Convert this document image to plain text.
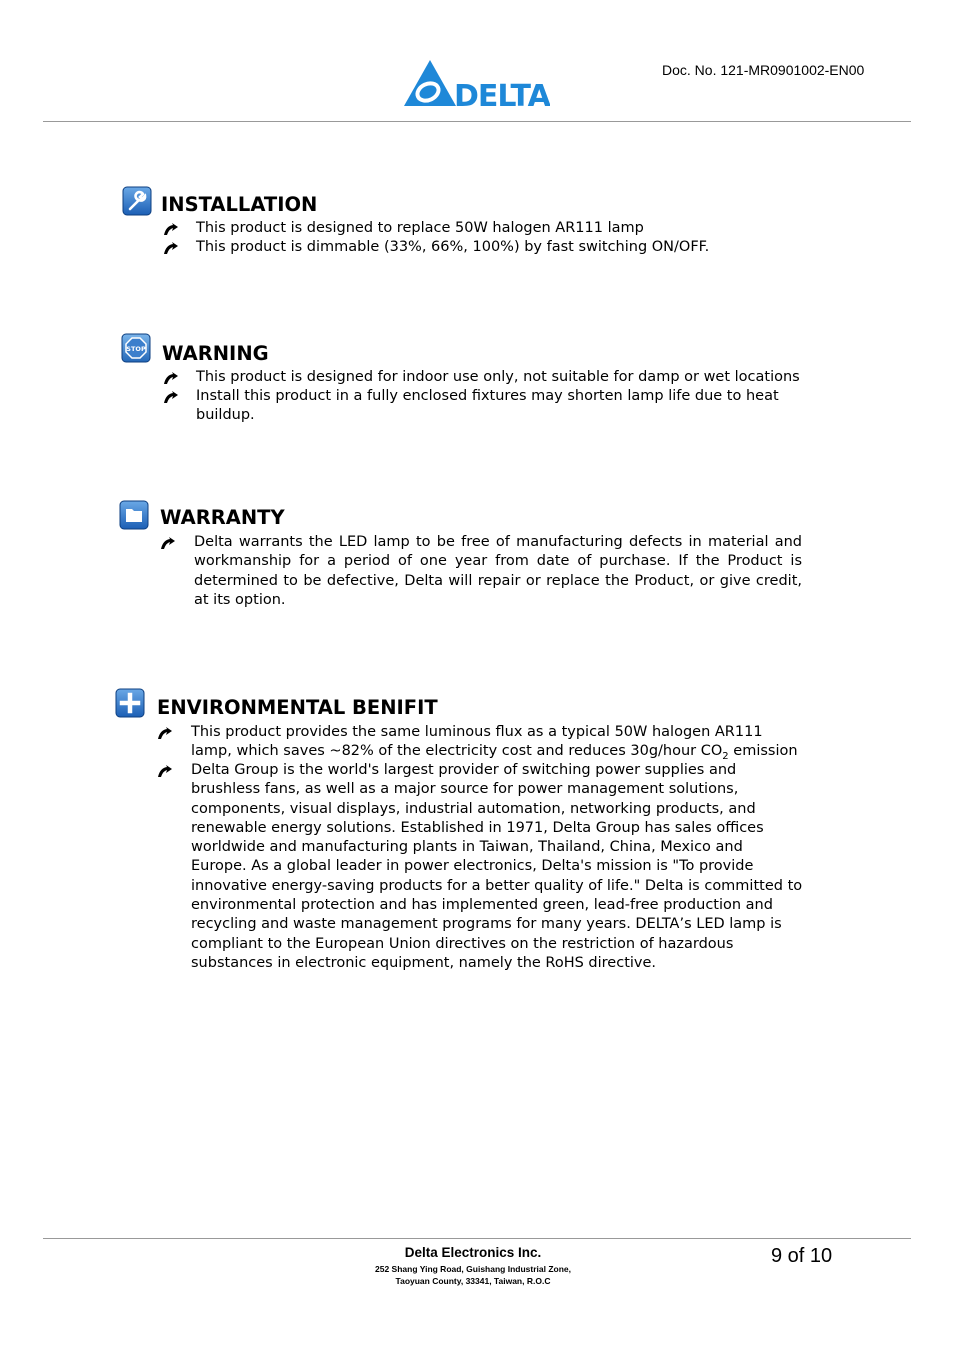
Doc. No. 121-MR0901002-EN00
DELTA
INSTALLATION
This product is designed to replace 50W halogen AR111 lamp
This product is dimmable (33%, 66%, 100%) by fast switching ON/OFF.
STOP WARNING
This product is designed for indoor use only, not suitable for damp or wet locations
Install this product in a fully enclosed fixtures may shorten lamp life due to heat buildup.
WARRANTY
Delta warrants the LED lamp to be free of manufacturing defects in material and workmanship for a period of one year from date of purchase. If the Product is determined to be defective, Delta will repair or replace the Product, or give credit, at its option.
ENVIRONMENTAL BENIFIT
This product provides the same luminous flux as a typical 50W halogen AR111 lamp, which saves ~82% of the electricity cost and reduces 30g/hour $CO_2$ emission
Delta Group is the world's largest provider of switching power supplies and brushless fans, as well as a major source for power management solutions, components, visual displays, industrial automation, networking products, and renewable energy solutions. Established in 1971, Delta Group has sales offices worldwide and manufacturing plants in Taiwan, Thailand, China, Mexico and Europe. As a global leader in power electronics, Delta's mission is "To provide innovative energy-saving products for a better quality of life." Delta is committed to environmental protection and has implemented green, lead-free production and recycling and waste management programs for many years. DELTA’s LED lamp is compliant to the European Union directives on the restriction of hazardous substances in electronic equipment, namely the RoHS directive.
Delta Electronics Inc.
252 Shang Ying Road, Guishang Industrial Zone,
Taoyuan County, 33341, Taiwan, R.O.C
9 of 10
